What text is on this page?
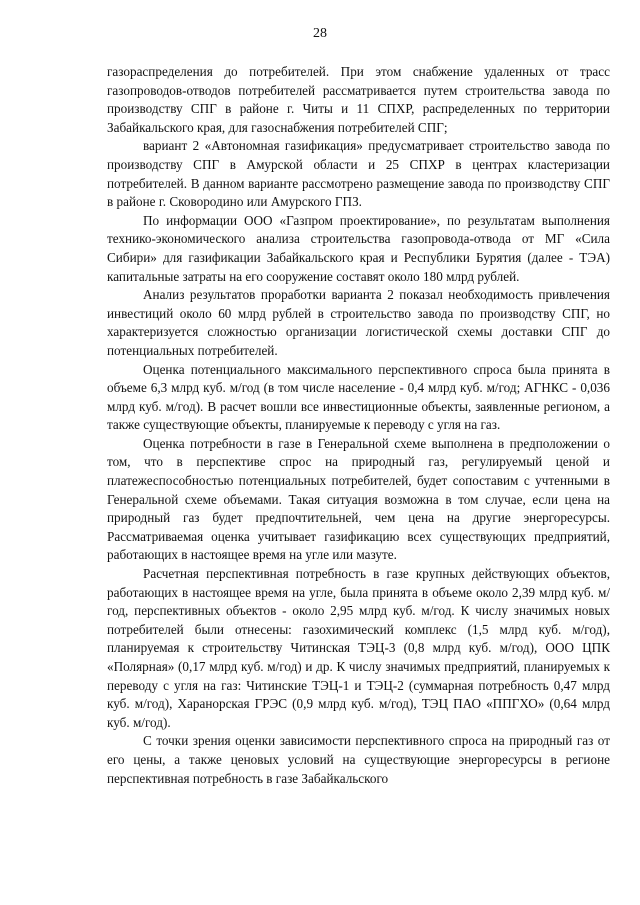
28

газораспределения до потребителей. При этом снабжение удаленных от трасс газопроводов-отводов потребителей рассматривается путем строительства завода по производству СПГ в районе г. Читы и 11 СПХР, распределенных по территории Забайкальского края, для газоснабжения потребителей СПГ;

вариант 2 «Автономная газификация» предусматривает строительство завода по производству СПГ в Амурской области и 25 СПХР в центрах кластеризации потребителей. В данном варианте рассмотрено размещение завода по производству СПГ в районе г. Сковородино или Амурского ГПЗ.

По информации ООО «Газпром проектирование», по результатам выполнения технико-экономического анализа строительства газопровода-отвода от МГ «Сила Сибири» для газификации Забайкальского края и Республики Бурятия (далее - ТЭА) капитальные затраты на его сооружение составят около 180 млрд рублей.

Анализ результатов проработки варианта 2 показал необходимость привлечения инвестиций около 60 млрд рублей в строительство завода по производству СПГ, но характеризуется сложностью организации логистической схемы доставки СПГ до потенциальных потребителей.

Оценка потенциального максимального перспективного спроса была принята в объеме 6,3 млрд куб. м/год (в том числе население - 0,4 млрд куб. м/год; АГНКС - 0,036 млрд куб. м/год). В расчет вошли все инвестиционные объекты, заявленные регионом, а также существующие объекты, планируемые к переводу с угля на газ.

Оценка потребности в газе в Генеральной схеме выполнена в предположении о том, что в перспективе спрос на природный газ, регулируемый ценой и платежеспособностью потенциальных потребителей, будет сопоставим с учтенными в Генеральной схеме объемами. Такая ситуация возможна в том случае, если цена на природный газ будет предпочтительней, чем цена на другие энергоресурсы. Рассматриваемая оценка учитывает газификацию всех существующих предприятий, работающих в настоящее время на угле или мазуте.

Расчетная перспективная потребность в газе крупных действующих объектов, работающих в настоящее время на угле, была принята в объеме около 2,39 млрд куб. м/год, перспективных объектов - около 2,95 млрд куб. м/год. К числу значимых новых потребителей были отнесены: газохимический комплекс (1,5 млрд куб. м/год), планируемая к строительству Читинская ТЭЦ-3 (0,8 млрд куб. м/год), ООО ЦПК «Полярная» (0,17 млрд куб. м/год) и др. К числу значимых предприятий, планируемых к переводу с угля на газ: Читинские ТЭЦ-1 и ТЭЦ-2 (суммарная потребность 0,47 млрд куб. м/год), Харанорская ГРЭС (0,9 млрд куб. м/год), ТЭЦ ПАО «ППГХО» (0,64 млрд куб. м/год).

С точки зрения оценки зависимости перспективного спроса на природный газ от его цены, а также ценовых условий на существующие энергоресурсы в регионе перспективная потребность в газе Забайкальского
